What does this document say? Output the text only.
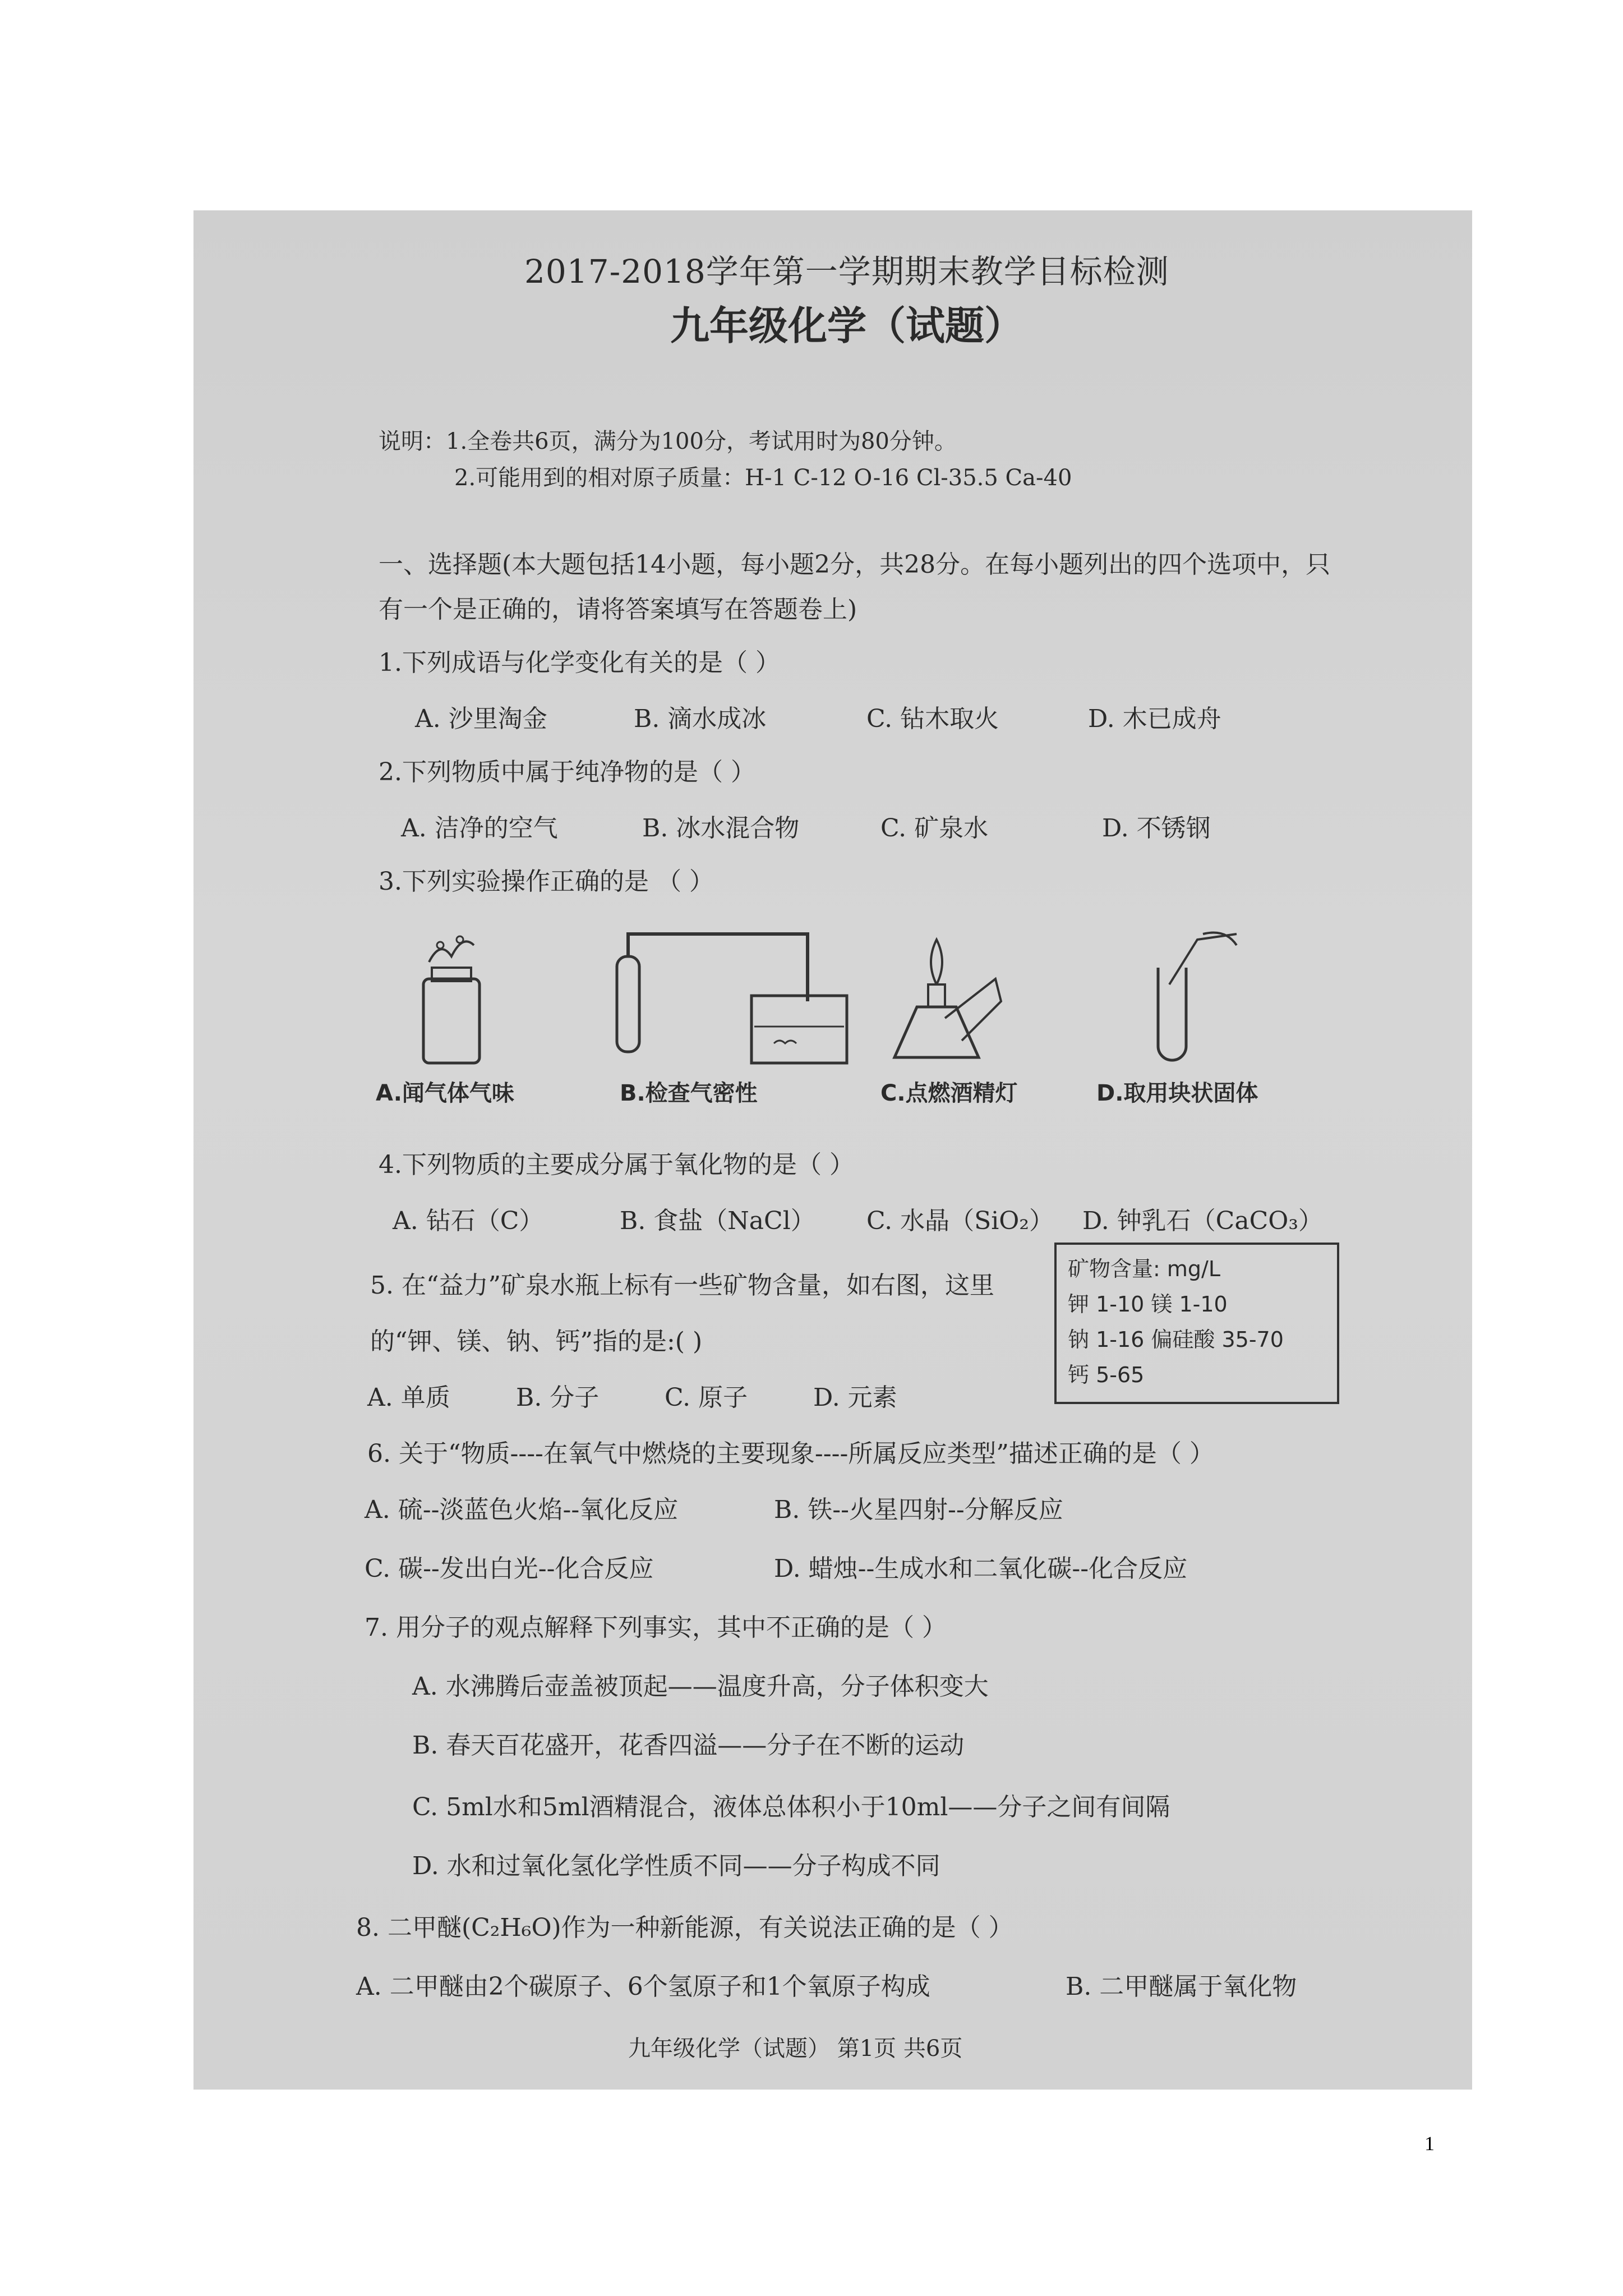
2017-2018学年第一学期期末教学目标检测
九年级化学（试题）
说明：1.全卷共6页，满分为100分，考试用时为80分钟。
2.可能用到的相对原子质量：H-1 C-12 O-16 Cl-35.5 Ca-40
一、选择题(本大题包括14小题，每小题2分，共28分。在每小题列出的四个选项中，只
有一个是正确的，请将答案填写在答题卷上)
1.下列成语与化学变化有关的是（ ）
A. 沙里淘金	B. 滴水成冰	C. 钻木取火	D. 木已成舟
2.下列物质中属于纯净物的是（ ）
A. 洁净的空气	B. 冰水混合物	C. 矿泉水	D. 不锈钢
3.下列实验操作正确的是 （ ）
A.闻气体气味	B.检查气密性	C.点燃酒精灯	D.取用块状固体
4.下列物质的主要成分属于氧化物的是（ ）
A. 钻石（C）	B. 食盐（NaCl） C. 水晶（SiO₂） D. 钟乳石（CaCO₃）
5. 在“益力”矿泉水瓶上标有一些矿物含量，如右图，这里
的“钾、镁、钠、钙”指的是:( )
A. 单质	B. 分子	C. 原子	D. 元素
矿物含量: mg/L
钾 1-10 镁 1-10
钠 1-16 偏硅酸 35-70
钙 5-65
6. 关于“物质----在氧气中燃烧的主要现象----所属反应类型”描述正确的是（ ）
A. 硫--淡蓝色火焰--氧化反应	B. 铁--火星四射--分解反应
C. 碳--发出白光--化合反应	D. 蜡烛--生成水和二氧化碳--化合反应
7. 用分子的观点解释下列事实，其中不正确的是（ ）
A. 水沸腾后壶盖被顶起——温度升高，分子体积变大
B. 春天百花盛开，花香四溢——分子在不断的运动
C. 5ml水和5ml酒精混合，液体总体积小于10ml——分子之间有间隔
D. 水和过氧化氢化学性质不同——分子构成不同
8. 二甲醚(C₂H₆O)作为一种新能源，有关说法正确的是（ ）
A. 二甲醚由2个碳原子、6个氢原子和1个氧原子构成	B. 二甲醚属于氧化物
九年级化学（试题） 第1页 共6页
1
